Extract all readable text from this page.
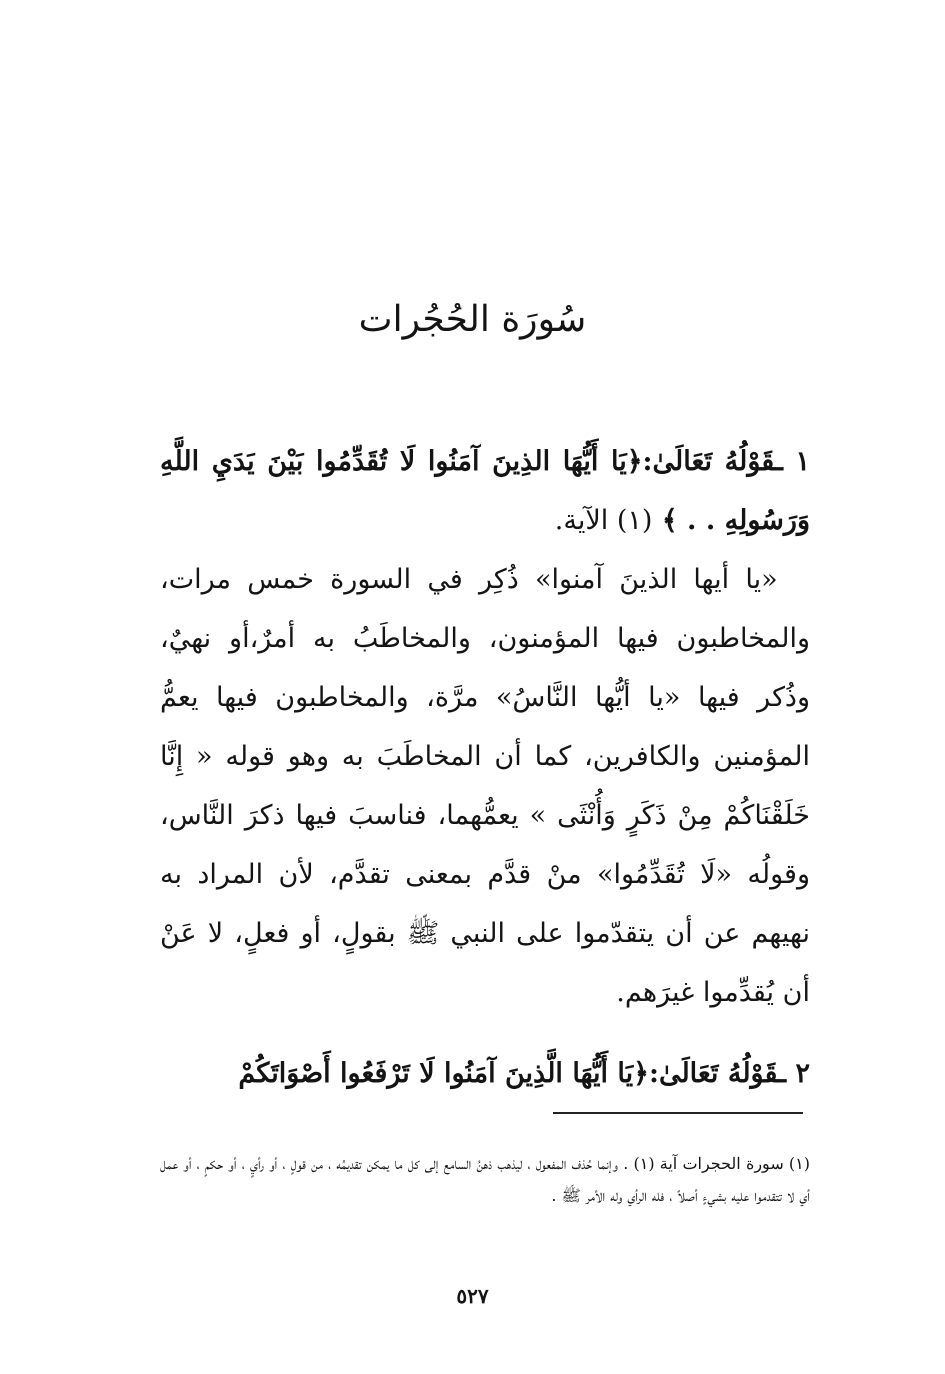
سُورَة الحُجُرات

١ ـقَوْلُهُ تَعَالَىٰ:﴿يَا أَيُّهَا الذِينَ آمَنُوا لَا تُقَدِّمُوا بَيْنَ يَدَيِ اللَّهِ وَرَسُولِهِ . . ﴾ (١) الآية.

«يا أيها الذينَ آمنوا» ذُكِر في السورة خمس مرات، والمخاطبون فيها المؤمنون، والمخاطَبُ به أمرٌ،أو نهيٌ، وذُكر فيها «يا أيُّها النَّاسُ» مرَّة، والمخاطبون فيها يعمُّ المؤمنين والكافرين، كما أن المخاطَبَ به وهو قوله « إِنَّا خَلَقْنَاكُمْ مِنْ ذَكَرٍ وَأُنْثَى » يعمُّهما، فناسبَ فيها ذكرَ النَّاس، وقولُه «لَا تُقَدِّمُوا» منْ قدَّم بمعنى تقدَّم، لأن المراد به نهيهم عن أن يتقدّموا على النبي ﷺ بقولٍ، أو فعلٍ، لا عَنْ أن يُقدِّموا غيرَهم.

٢ ـقَوْلُهُ تَعَالَىٰ:﴿يَا أَيُّهَا الَّذِينَ آمَنُوا لَا تَرْفَعُوا أَصْوَاتَكُمْ

(١) سورة الحجرات آية (١) . وإنما حُذف المفعول ، ليذهب ذهنُ السامع إلى كل ما يمكن تقديمُه ، من قولٍ ، أو رأيٍ ، أو حكمٍ ، أو عمل أي لا تتقدموا عليه بشيءٍ أصلاً ، فله الرأي وله الأمر ﷺ .

٥٢٧
